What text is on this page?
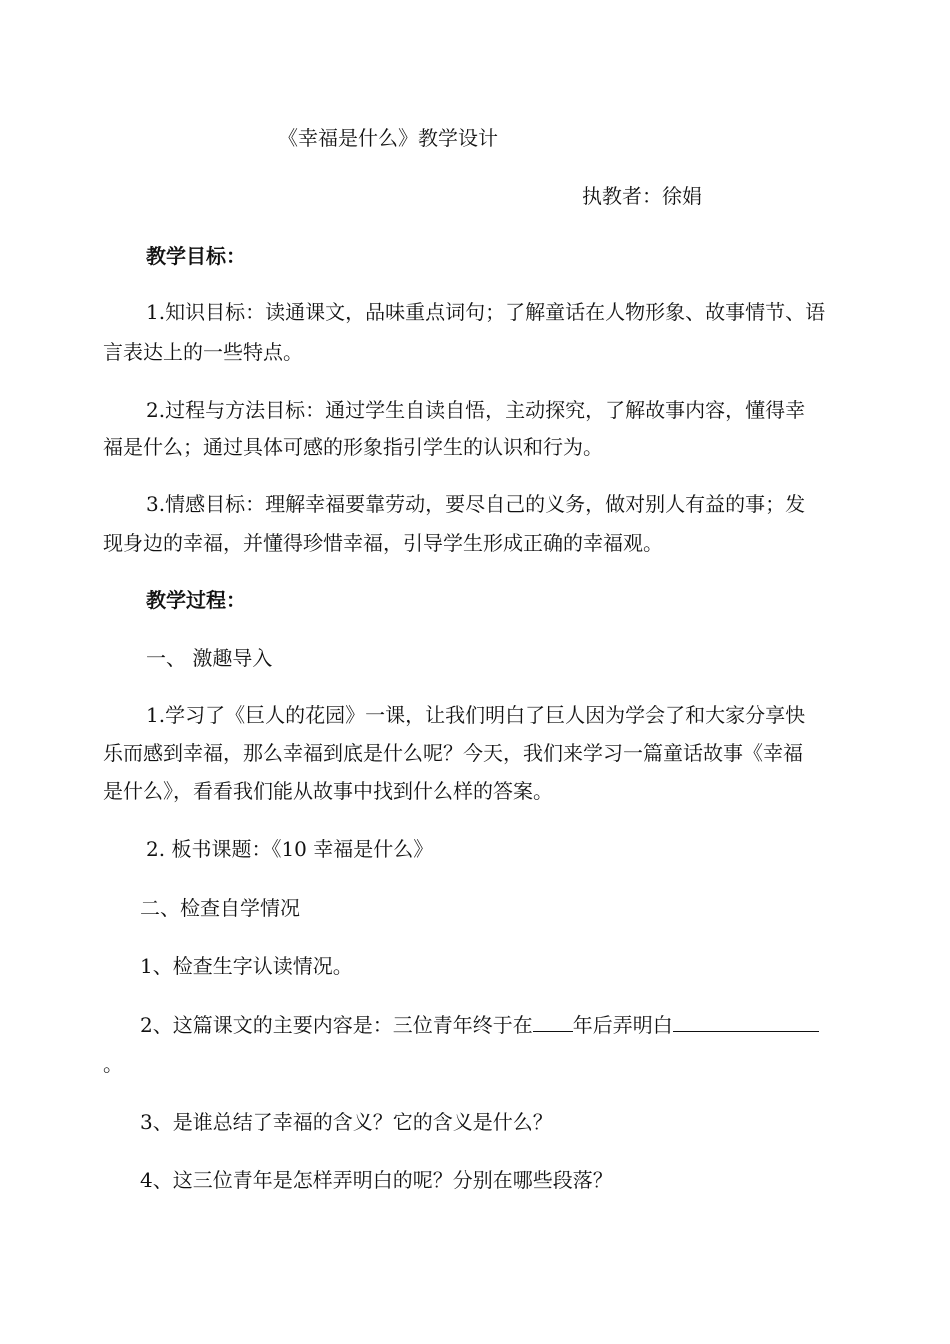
《幸福是什么》教学设计
执教者：徐娟
教学目标：
1.知识目标：读通课文，品味重点词句；了解童话在人物形象、故事情节、语
言表达上的一些特点。
2.过程与方法目标：通过学生自读自悟，主动探究，了解故事内容，懂得幸
福是什么；通过具体可感的形象指引学生的认识和行为。
3.情感目标：理解幸福要靠劳动，要尽自己的义务，做对别人有益的事；发
现身边的幸福，并懂得珍惜幸福，引导学生形成正确的幸福观。
教学过程：
一、 激趣导入
1.学习了《巨人的花园》一课，让我们明白了巨人因为学会了和大家分享快
乐而感到幸福，那么幸福到底是什么呢？今天，我们来学习一篇童话故事《幸福
是什么》，看看我们能从故事中找到什么样的答案。
2. 板书课题：《10 幸福是什么》
二、检查自学情况
1、检查生字认读情况。
2、这篇课文的主要内容是：三位青年终于在 年后弄明白
。
3、是谁总结了幸福的含义？它的含义是什么？
4、这三位青年是怎样弄明白的呢？分别在哪些段落？
